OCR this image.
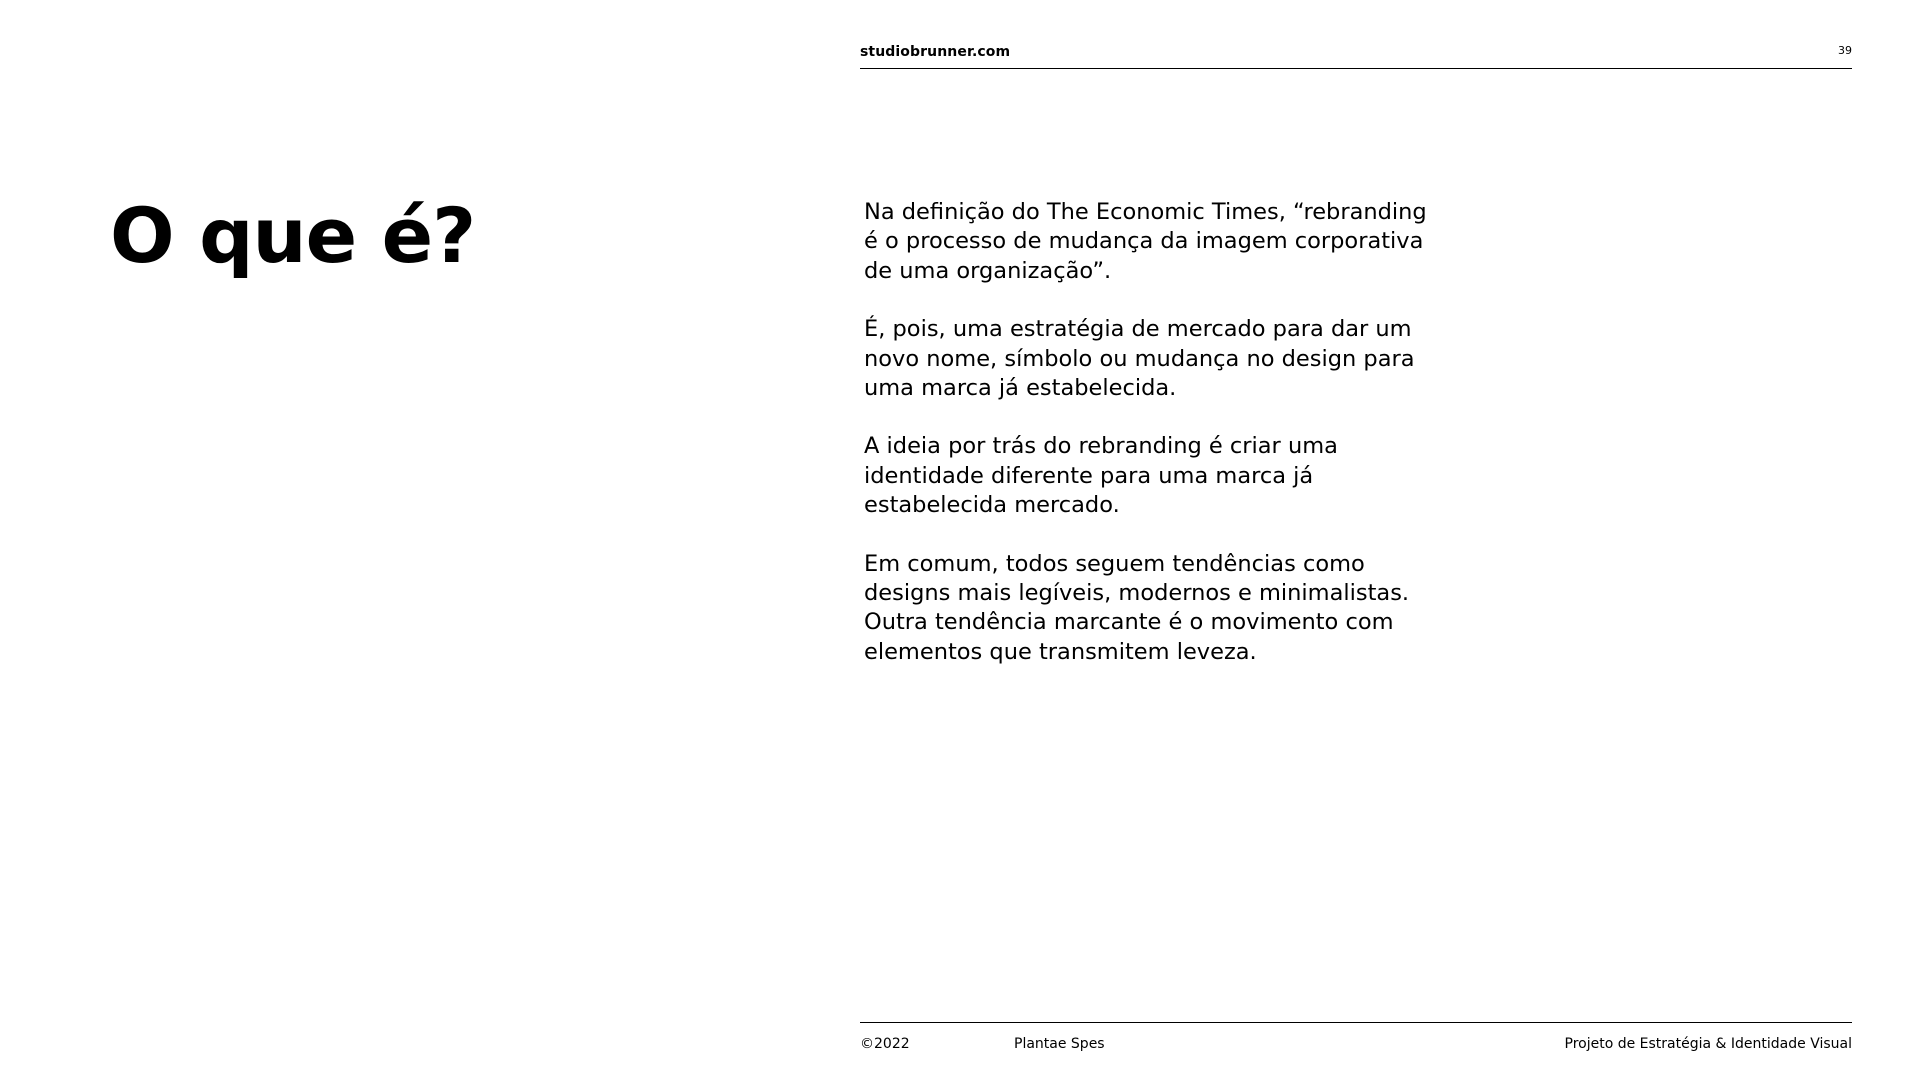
studiobrunner.com	39
O que é?	Na definição do The Economic Times, “rebranding
é o processo de mudança da imagem corporativa
de uma organização”.

É, pois, uma estratégia de mercado para dar um
novo nome, símbolo ou mudança no design para
uma marca já estabelecida.

A ideia por trás do rebranding é criar uma
identidade diferente para uma marca já
estabelecida mercado.

Em comum, todos seguem tendências como
designs mais legíveis, modernos e minimalistas.
Outra tendência marcante é o movimento com
elementos que transmitem leveza.

©2022	Plantae Spes	Projeto de Estratégia & Identidade Visual
